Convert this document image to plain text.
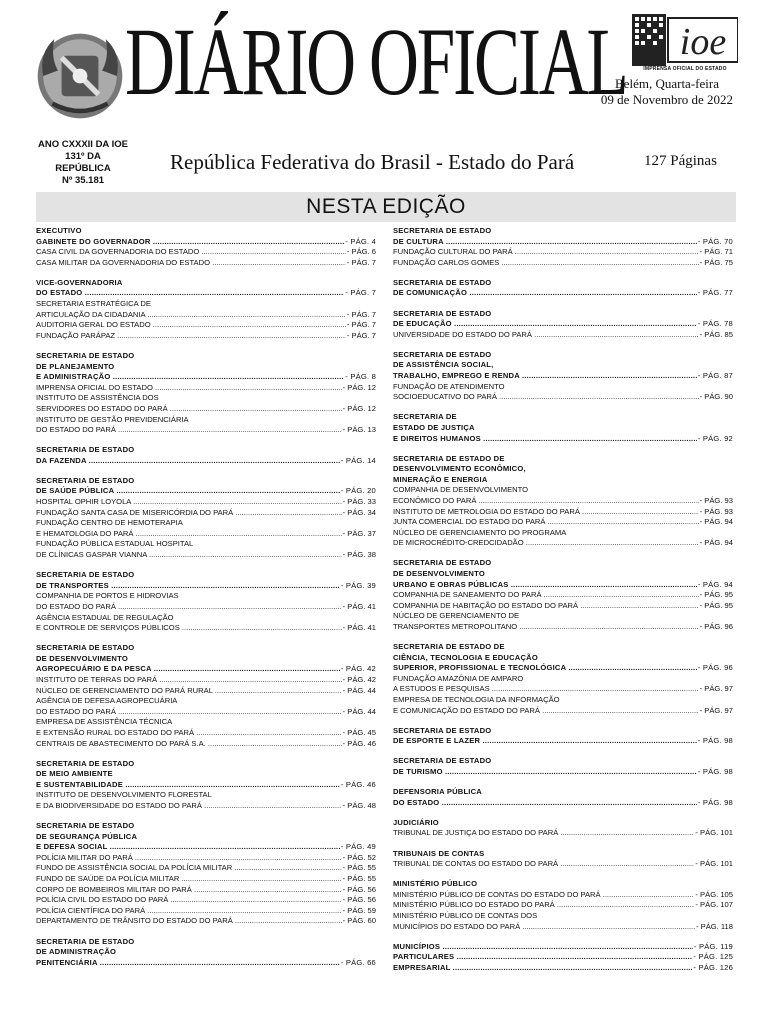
DIÁRIO OFICIAL ioe
IMPRENSA OFICIAL DO ESTADO
Belém, Quarta-feira
09 de Novembro de 2022
ANO CXXXII DA IOE
131º DA REPÚBLICA
Nº 35.181
República Federativa do Brasil - Estado do Pará	127 Páginas
NESTA EDIÇÃO
EXECUTIVO
GABINETE DO GOVERNADOR .....	- PÁG. 4
CASA CIVIL DA GOVERNADORIA DO ESTADO .....	- PÁG. 6
CASA MILITAR DA GOVERNADORIA DO ESTADO .....	- PÁG. 7
VICE-GOVERNADORIA
DO ESTADO .....	- PÁG. 7
SECRETARIA ESTRATÉGICA DE
ARTICULAÇÃO DA CIDADANIA .....	- PÁG. 7
AUDITORIA GERAL DO ESTADO .....	- PÁG. 7
FUNDAÇÃO PARÁPAZ .....	- PÁG. 7
SECRETARIA DE ESTADO
DE PLANEJAMENTO
E ADMINISTRAÇÃO .....	- PÁG. 8
IMPRENSA OFICIAL DO ESTADO .....	- PÁG. 12
INSTITUTO DE ASSISTÊNCIA DOS
SERVIDORES DO ESTADO DO PARÁ .....	- PÁG. 12
INSTITUTO DE GESTÃO PREVIDENCIÁRIA
DO ESTADO DO PARÁ .....	- PÁG. 13
SECRETARIA DE ESTADO
DA FAZENDA .....	- PÁG. 14
SECRETARIA DE ESTADO
DE SAÚDE PÚBLICA .....	- PÁG. 20
HOSPITAL OPHIR LOYOLA .....	- PÁG. 33
FUNDAÇÃO SANTA CASA DE MISERICÓRDIA DO PARÁ .....	- PÁG. 34
FUNDAÇÃO CENTRO DE HEMOTERAPIA
E HEMATOLOGIA DO PARÁ .....	- PÁG. 37
FUNDAÇÃO PÚBLICA ESTADUAL HOSPITAL
DE CLÍNICAS GASPAR VIANNA .....	- PÁG. 38
SECRETARIA DE ESTADO
DE TRANSPORTES .....	- PÁG. 39
COMPANHIA DE PORTOS E HIDROVIAS
DO ESTADO DO PARÁ .....	- PÁG. 41
AGÊNCIA ESTADUAL DE REGULAÇÃO
E CONTROLE DE SERVIÇOS PÚBLICOS .....	- PÁG. 41
SECRETARIA DE ESTADO
DE DESENVOLVIMENTO
AGROPECUÁRIO E DA PESCA .....	- PÁG. 42
INSTITUTO DE TERRAS DO PARÁ .....	- PÁG. 42
NÚCLEO DE GERENCIAMENTO DO PARÁ RURAL .....	- PÁG. 44
AGÊNCIA DE DEFESA AGROPECUÁRIA
DO ESTADO DO PARÁ .....	- PÁG. 44
EMPRESA DE ASSISTÊNCIA TÉCNICA
E EXTENSÃO RURAL DO ESTADO DO PARÁ .....	- PÁG. 45
CENTRAIS DE ABASTECIMENTO DO PARÁ S.A. .....	- PÁG. 46
SECRETARIA DE ESTADO
DE MEIO AMBIENTE
E SUSTENTABILIDADE .....	- PÁG. 46
INSTITUTO DE DESENVOLVIMENTO FLORESTAL
E DA BIODIVERSIDADE DO ESTADO DO PARÁ .....	- PÁG. 48
SECRETARIA DE ESTADO
DE SEGURANÇA PÚBLICA
E DEFESA SOCIAL .....	- PÁG. 49
POLÍCIA MILITAR DO PARÁ .....	- PÁG. 52
FUNDO DE ASSISTÊNCIA SOCIAL DA POLÍCIA MILITAR .....	- PÁG. 55
FUNDO DE SAÚDE DA POLÍCIA MILITAR .....	- PÁG. 55
CORPO DE BOMBEIROS MILITAR DO PARÁ .....	- PÁG. 56
POLÍCIA CIVIL DO ESTADO DO PARÁ .....	- PÁG. 56
POLÍCIA CIENTÍFICA DO PARÁ .....	- PÁG. 59
DEPARTAMENTO DE TRÂNSITO DO ESTADO DO PARÁ .....	- PÁG. 60
SECRETARIA DE ESTADO
DE ADMINISTRAÇÃO
PENITENCIÁRIA .....	- PÁG. 66
SECRETARIA DE ESTADO
DE CULTURA .....	- PÁG. 70
FUNDAÇÃO CULTURAL DO PARÁ .....	- PÁG. 71
FUNDAÇÃO CARLOS GOMES .....	- PÁG. 75
SECRETARIA DE ESTADO
DE COMUNICAÇÃO .....	- PÁG. 77
SECRETARIA DE ESTADO
DE EDUCAÇÃO .....	- PÁG. 78
UNIVERSIDADE DO ESTADO DO PARÁ .....	- PÁG. 85
SECRETARIA DE ESTADO
DE ASSISTÊNCIA SOCIAL,
TRABALHO, EMPREGO E RENDA .....	- PÁG. 87
FUNDAÇÃO DE ATENDIMENTO
SOCIOEDUCATIVO DO PARÁ .....	- PÁG. 90
SECRETARIA DE
ESTADO DE JUSTIÇA
E DIREITOS HUMANOS .....	- PÁG. 92
SECRETARIA DE ESTADO DE
DESENVOLVIMENTO ECONÔMICO,
MINERAÇÃO E ENERGIA
COMPANHIA DE DESENVOLVIMENTO
ECONÔMICO DO PARÁ .....	- PÁG. 93
INSTITUTO DE METROLOGIA DO ESTADO DO PARÁ .....	- PÁG. 93
JUNTA COMERCIAL DO ESTADO DO PARÁ .....	- PÁG. 94
NÚCLEO DE GERENCIAMENTO DO PROGRAMA
DE MICROCRÉDITO-CREDCIDADÃO .....	- PÁG. 94
SECRETARIA DE ESTADO
DE DESENVOLVIMENTO
URBANO E OBRAS PÚBLICAS .....	- PÁG. 94
COMPANHIA DE SANEAMENTO DO PARÁ .....	- PÁG. 95
COMPANHIA DE HABITAÇÃO DO ESTADO DO PARÁ .....	- PÁG. 95
NÚCLEO DE GERENCIAMENTO DE
TRANSPORTES METROPOLITANO .....	- PÁG. 96
SECRETARIA DE ESTADO DE
CIÊNCIA, TECNOLOGIA E EDUCAÇÃO
SUPERIOR, PROFISSIONAL E TECNOLÓGICA .....	- PÁG. 96
FUNDAÇÃO AMAZÔNIA DE AMPARO
A ESTUDOS E PESQUISAS .....	- PÁG. 97
EMPRESA DE TECNOLOGIA DA INFORMAÇÃO
E COMUNICAÇÃO DO ESTADO DO PARÁ .....	- PÁG. 97
SECRETARIA DE ESTADO
DE ESPORTE E LAZER .....	- PÁG. 98
SECRETARIA DE ESTADO
DE TURISMO .....	- PÁG. 98
DEFENSORIA PÚBLICA
DO ESTADO .....	- PÁG. 98
JUDICIÁRIO
TRIBUNAL DE JUSTIÇA DO ESTADO DO PARÁ .....	- PÁG. 101
TRIBUNAIS DE CONTAS
TRIBUNAL DE CONTAS DO ESTADO DO PARÁ .....	- PÁG. 101
MINISTÉRIO PÚBLICO
MINISTÉRIO PÚBLICO DE CONTAS DO ESTADO DO PARÁ .....	- PÁG. 105
MINISTÉRIO PÚBLICO DO ESTADO DO PARÁ .....	- PÁG. 107
MINISTÉRIO PÚBLICO DE CONTAS DOS
MUNICÍPIOS DO ESTADO DO PARÁ .....	- PÁG. 118
MUNICÍPIOS .....	- PÁG. 119
PARTICULARES .....	- PÁG. 125
EMPRESARIAL .....	- PÁG. 126
